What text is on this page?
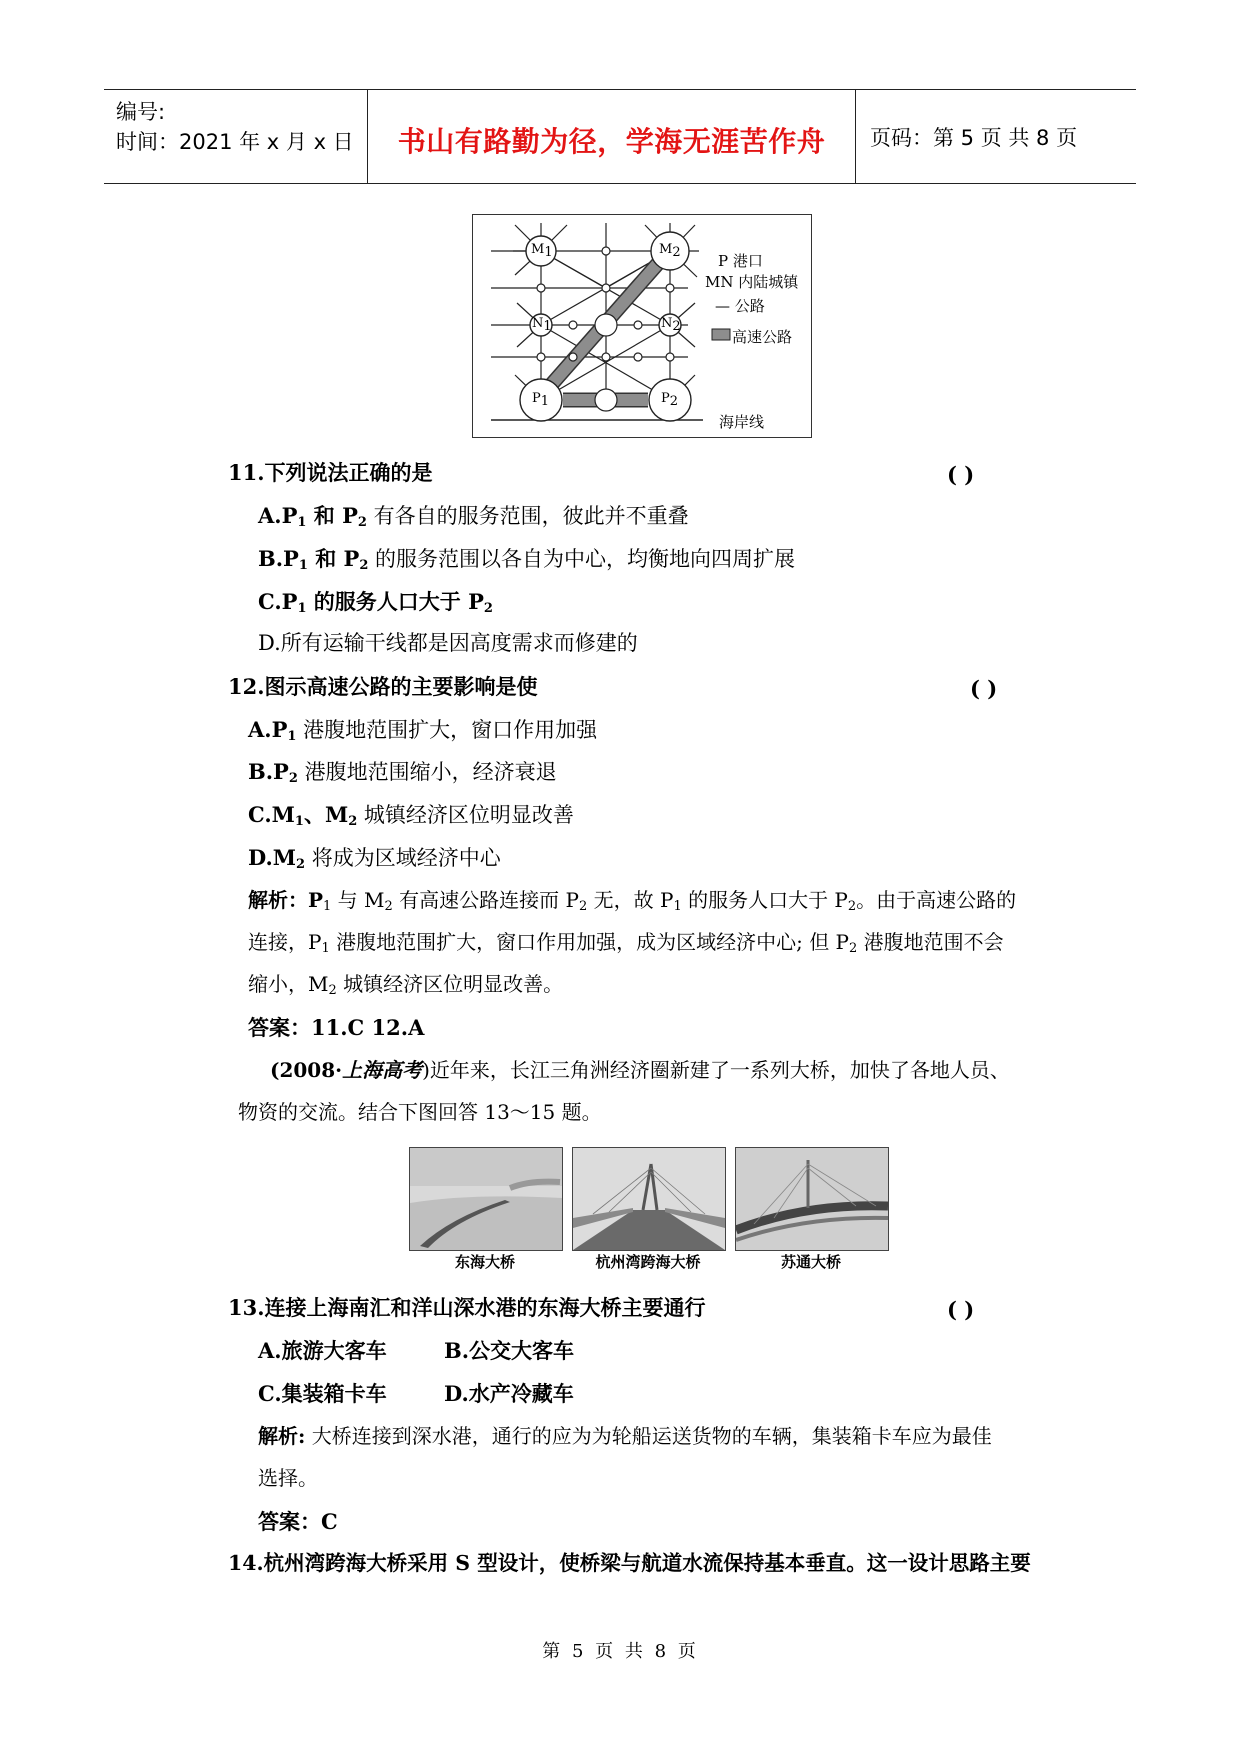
编号:
时间：2021 年 x 月 x 日	书山有路勤为径，学海无涯苦作舟	页码：第 5 页 共 8 页
$M_1$	$M_2$
$N_1$	$N_2$
$P_1$	$P_2$
P 港口
MN 内陆城镇
— 公路
高速公路
海岸线
11.下列说法正确的是	( )
$A.P_1$ 和 $P_2$ 有各自的服务范围，彼此并不重叠
$B.P_1$ 和 $P_2$ 的服务范围以各自为中心，均衡地向四周扩展
$C.P_1$ 的服务人口大于 $P_2$
D.所有运输干线都是因高度需求而修建的
12.图示高速公路的主要影响是使	( )
$A.P_1$ 港腹地范围扩大，窗口作用加强
$B.P_2$ 港腹地范围缩小，经济衰退
$C.M_1$、$M_2$ 城镇经济区位明显改善
$D.M_2$ 将成为区域经济中心
解析：$P_1$ 与 $M_2$ 有高速公路连接而 $P_2$ 无，故 $P_1$ 的服务人口大于 $P_2$。由于高速公路的
连接，$P_1$ 港腹地范围扩大，窗口作用加强，成为区域经济中心; 但 $P_2$ 港腹地范围不会
缩小，$M_2$ 城镇经济区位明显改善。
答案：11.C 12.A
(2008·上海高考)近年来，长江三角洲经济圈新建了一系列大桥，加快了各地人员、
物资的交流。结合下图回答 13～15 题。
东海大桥	杭州湾跨海大桥	苏通大桥
13.连接上海南汇和洋山深水港的东海大桥主要通行	( )
A.旅游大客车	B.公交大客车
C.集装箱卡车	D.水产冷藏车
解析: 大桥连接到深水港，通行的应为为轮船运送货物的车辆，集装箱卡车应为最佳
选择。
答案：C
14.杭州湾跨海大桥采用 S 型设计，使桥梁与航道水流保持基本垂直。这一设计思路主要
第 5 页 共 8 页
